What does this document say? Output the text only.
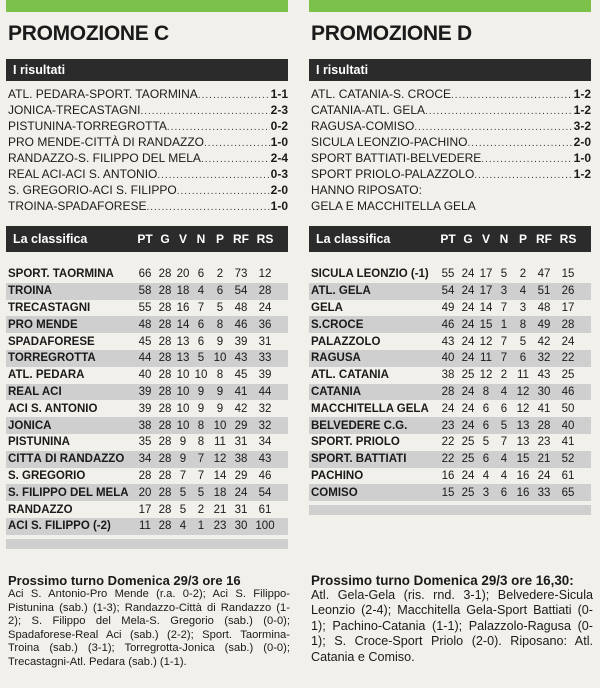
PROMOZIONE C
I risultati
ATL. PEDARA-SPORT. TAORMINA .....	1-1
JONICA-TRECASTAGNI .....	2-3
PISTUNINA-TORREGROTTA .....	0-2
PRO MENDE-CITTÀ DI RANDAZZO .....	1-0
RANDAZZO-S. FILIPPO DEL MELA .....	2-4
REAL ACI-ACI S. ANTONIO .....	0-3
S. GREGORIO-ACI S. FILIPPO .....	2-0
TROINA-SPADAFORESE .....	1-0
La classifica	PT G V N P RF RS
SPORT. TAORMINA	66 28 20 6	2 73 12
TROINA	58 28 18 4	6 54 28
TRECASTAGNI	55 28 16 7	5 48 24
PRO MENDE	48 28 14 6	8 46 36
SPADAFORESE	45 28 13 6	9 39 31
TORREGROTTA	44 28 13 5 10 43 33
ATL. PEDARA	40 28 10 10 8 45 39
REAL ACI	39 28 10 9	9 41 44
ACI S. ANTONIO	39 28 10 9	9 42 32
JONICA	38 28 10 8 10 29 32
PISTUNINA	35 28 9	8 11 31 34
CITTÀ DI RANDAZZO	34 28 9	7 12 38 43
S. GREGORIO	28 28 7	7 14 29 46
S. FILIPPO DEL MELA 20 28 5	5 18 24 54
RANDAZZO	17 28 5	2 21 31 61
ACI S. FILIPPO (-2)	11 28 4	1 23 30 100
Prossimo turno Domenica 29/3 ore 16
Aci S. Antonio-Pro Mende (r.a. 0-2); Aci S. Filippo-Pistunina (sab.) (1-3); Randazzo-Città di Randazzo (1-2); S. Filippo del Mela-S. Gregorio (sab.) (0-0); Spadaforese-Real Aci (sab.) (2-2); Sport. Taormina-Troina (sab.) (3-1); Torregrotta-Jonica (sab.) (0-0); Trecastagni-Atl. Pedara (sab.) (1-1).
PROMOZIONE D
I risultati
ATL. CATANIA-S. CROCE .....	1-2
CATANIA-ATL. GELA .....	1-2
RAGUSA-COMISO .....	3-2
SICULA LEONZIO-PACHINO .....	2-0
SPORT BATTIATI-BELVEDERE .....	1-0
SPORT PRIOLO-PALAZZOLO .....	1-2
HANNO RIPOSATO:
GELA E MACCHITELLA GELA
La classifica	PT G V N P RF RS
SICULA LEONZIO (-1)	55 24 17 5	2 47 15
ATL. GELA	54 24 17 3	4 51 26
GELA	49 24 14 7	3 48 17
S.CROCE	46 24 15 1	8 49 28
PALAZZOLO	43 24 12 7	5 42 24
RAGUSA	40 24 11 7	6 32 22
ATL. CATANIA	38 25 12 2 11 43 25
CATANIA	28 24 8	4 12 30 46
MACCHITELLA GELA	24 24 6	6 12 41 50
BELVEDERE C.G.	23 24 6	5 13 28 40
SPORT. PRIOLO	22 25 5	7 13 23 41
SPORT. BATTIATI	22 25 6	4 15 21 52
PACHINO	16 24 4	4 16 24 61
COMISO	15 25 3	6 16 33 65
Prossimo turno Domenica 29/3 ore 16,30:
Atl. Gela-Gela (ris. rnd. 3-1); Belvedere-Sicula Leonzio (2-4); Macchitella Gela-Sport Battiati (0-1); Pachino-Catania (1-1); Palazzolo-Ragusa (0-1); S. Croce-Sport Priolo (2-0). Riposano: Atl. Catania e Comiso.
